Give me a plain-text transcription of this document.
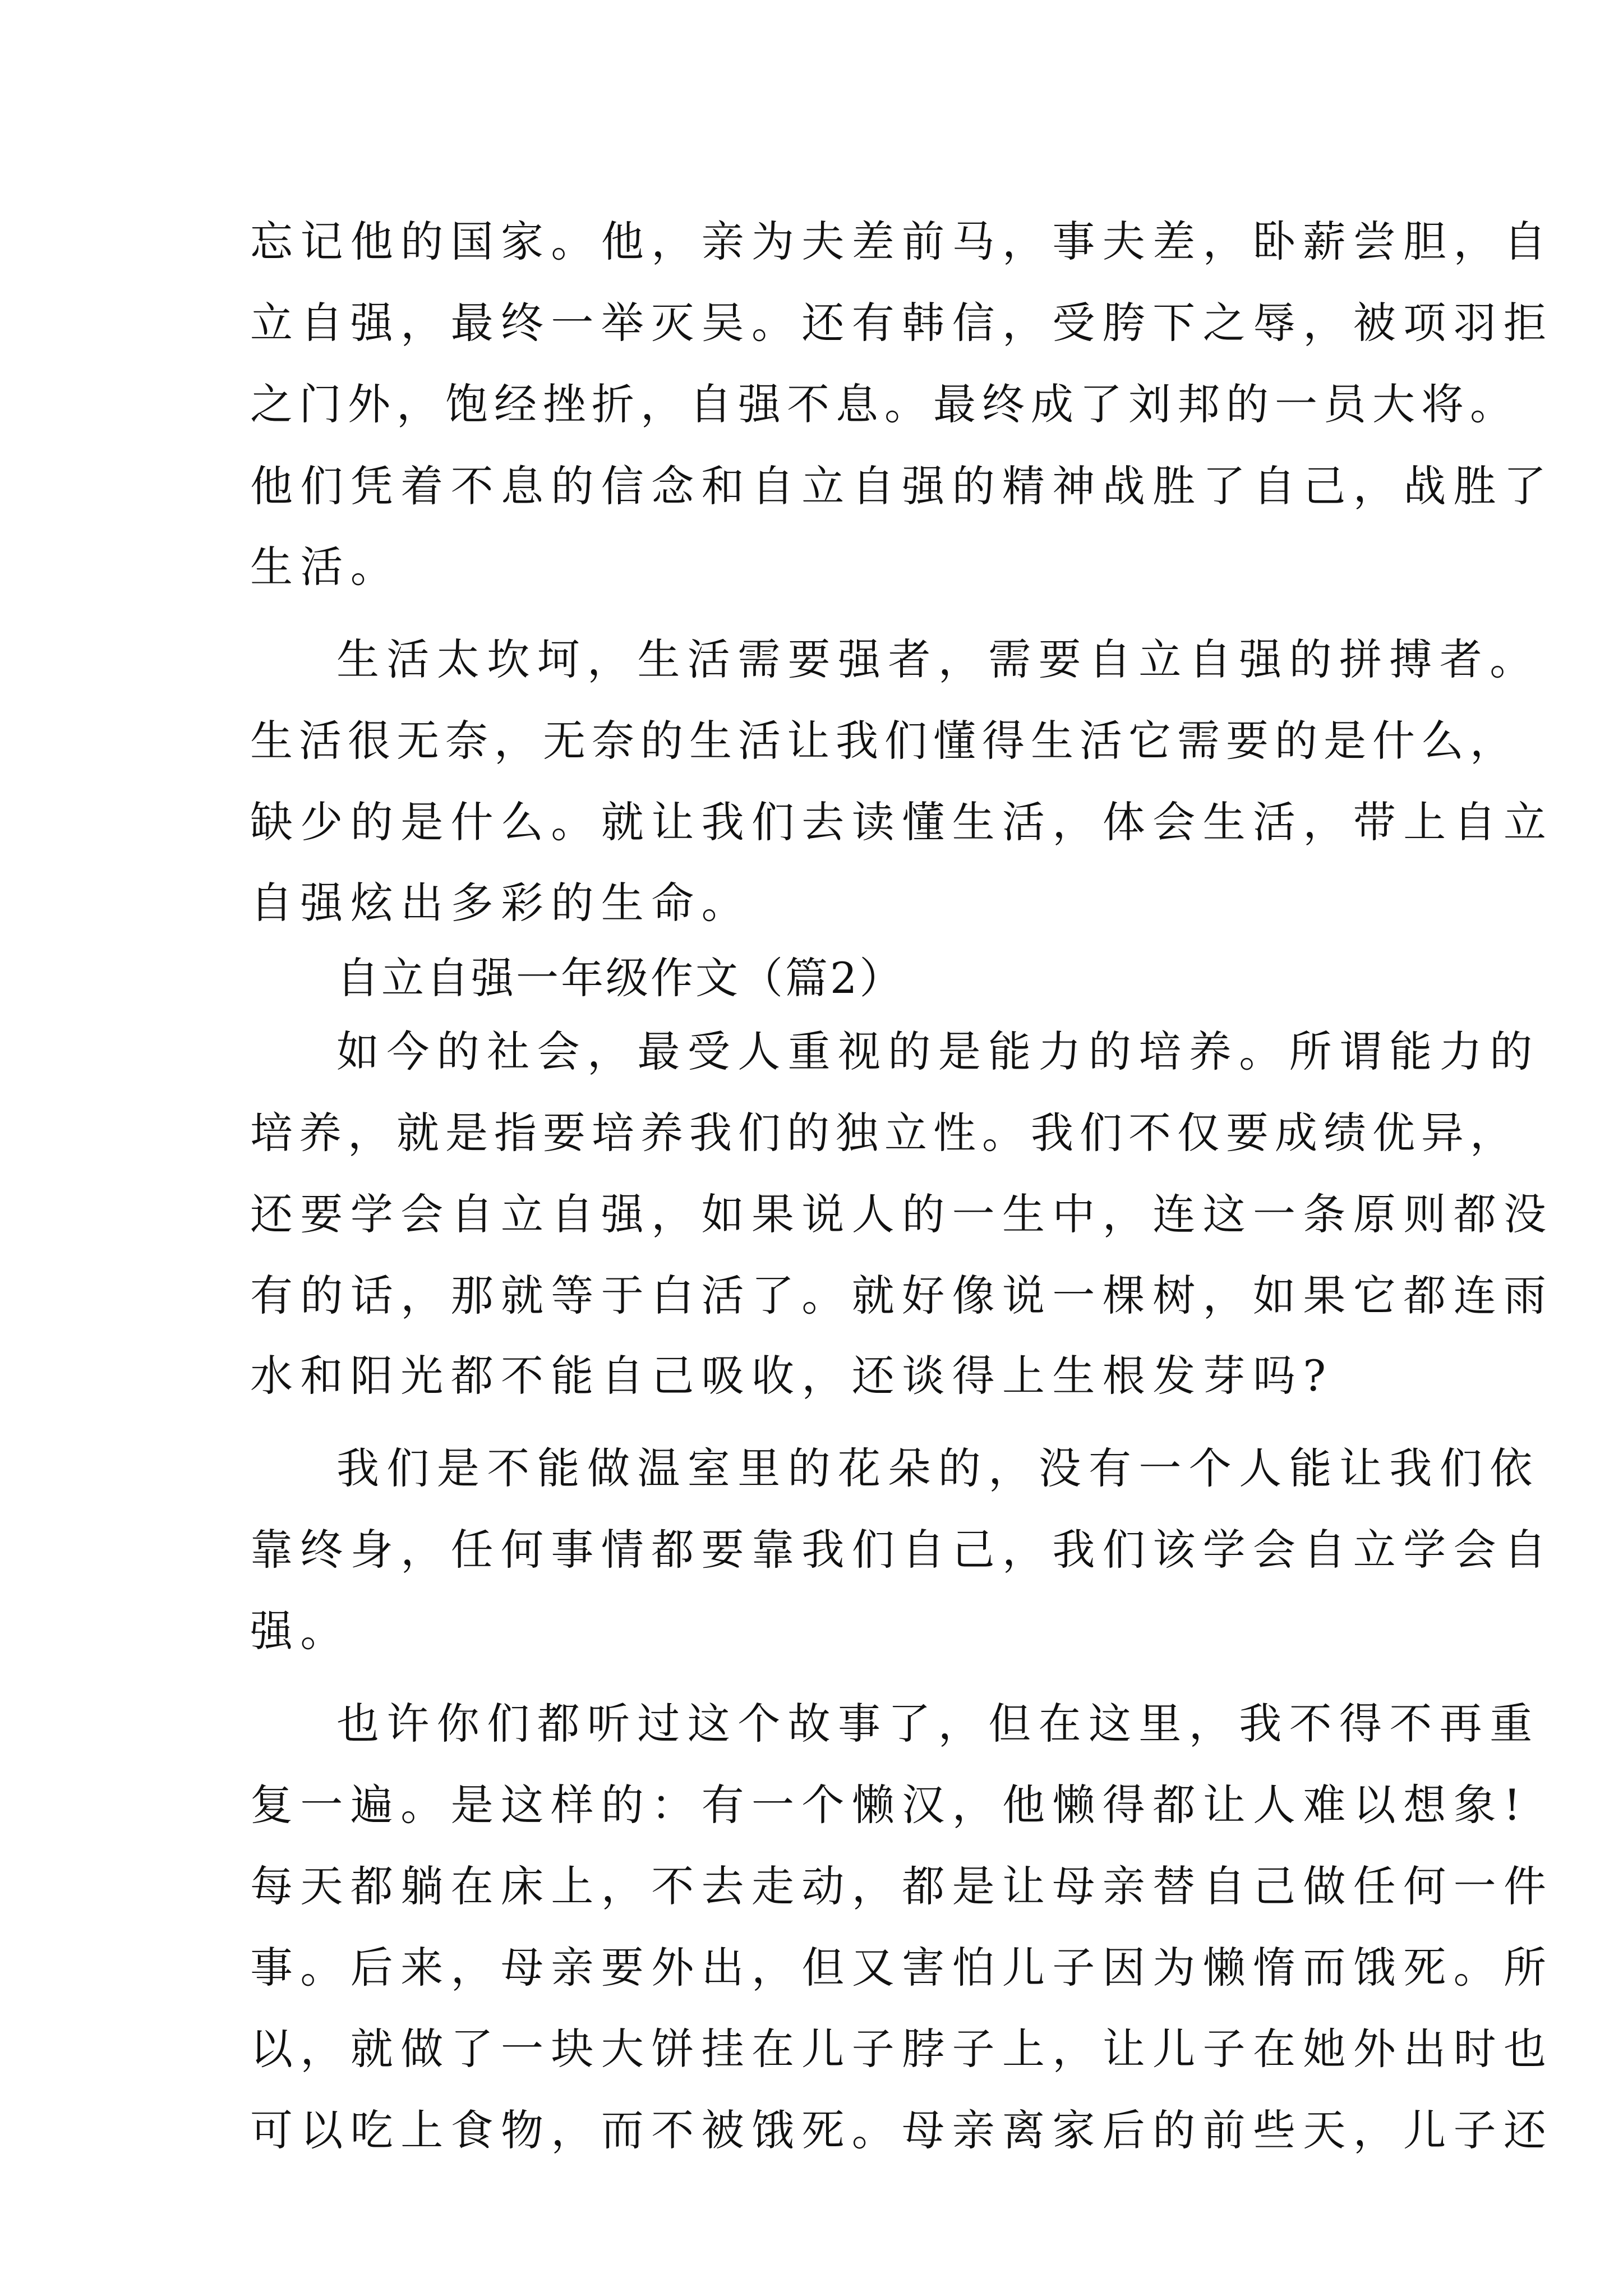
忘记他的国家。他，亲为夫差前马，事夫差，卧薪尝胆，自

立自强，最终一举灭吴。还有韩信，受胯下之辱，被项羽拒

之门外，饱经挫折，自强不息。最终成了刘邦的一员大将。

他们凭着不息的信念和自立自强的精神战胜了自己，战胜了

生活。

生活太坎坷，生活需要强者，需要自立自强的拼搏者。

生活很无奈，无奈的生活让我们懂得生活它需要的是什么，

缺少的是什么。就让我们去读懂生活，体会生活，带上自立

自强炫出多彩的生命。

自立自强一年级作文（篇2）

如今的社会，最受人重视的是能力的培养。所谓能力的

培养，就是指要培养我们的独立性。我们不仅要成绩优异，

还要学会自立自强，如果说人的一生中，连这一条原则都没

有的话，那就等于白活了。就好像说一棵树，如果它都连雨

水和阳光都不能自己吸收，还谈得上生根发芽吗?

我们是不能做温室里的花朵的，没有一个人能让我们依

靠终身，任何事情都要靠我们自己，我们该学会自立学会自

强。

也许你们都听过这个故事了，但在这里，我不得不再重

复一遍。是这样的：有一个懒汉，他懒得都让人难以想象!

每天都躺在床上，不去走动，都是让母亲替自己做任何一件

事。后来，母亲要外出，但又害怕儿子因为懒惰而饿死。所

以，就做了一块大饼挂在儿子脖子上，让儿子在她外出时也

可以吃上食物，而不被饿死。母亲离家后的前些天，儿子还
